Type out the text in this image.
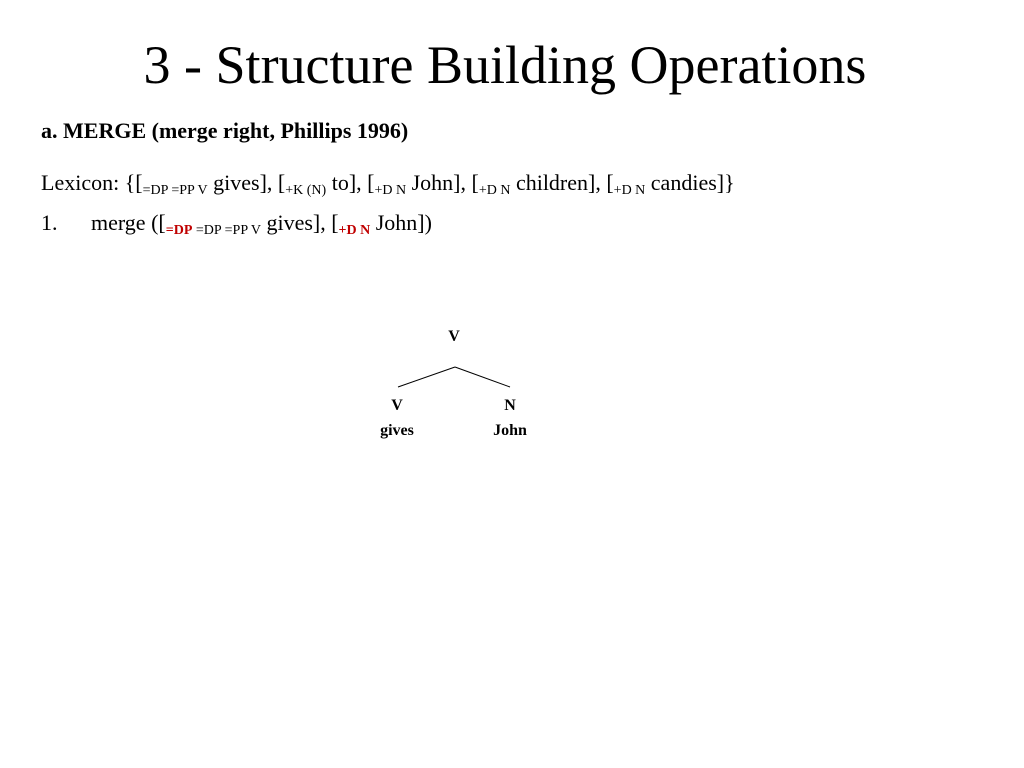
3 - Structure Building Operations
a. MERGE (merge right, Phillips 1996)
Lexicon: {[$_{=DP =PP V}$ gives], [$_{+K (N)}$ to], [$_{+D N}$ John], [$_{+D N}$ children], [$_{+D N}$ candies]}
1. merge ([$_{=DP}$ $_{=DP =PP V}$ gives], [$_{+D N}$ John])
V
V
gives
N
John
